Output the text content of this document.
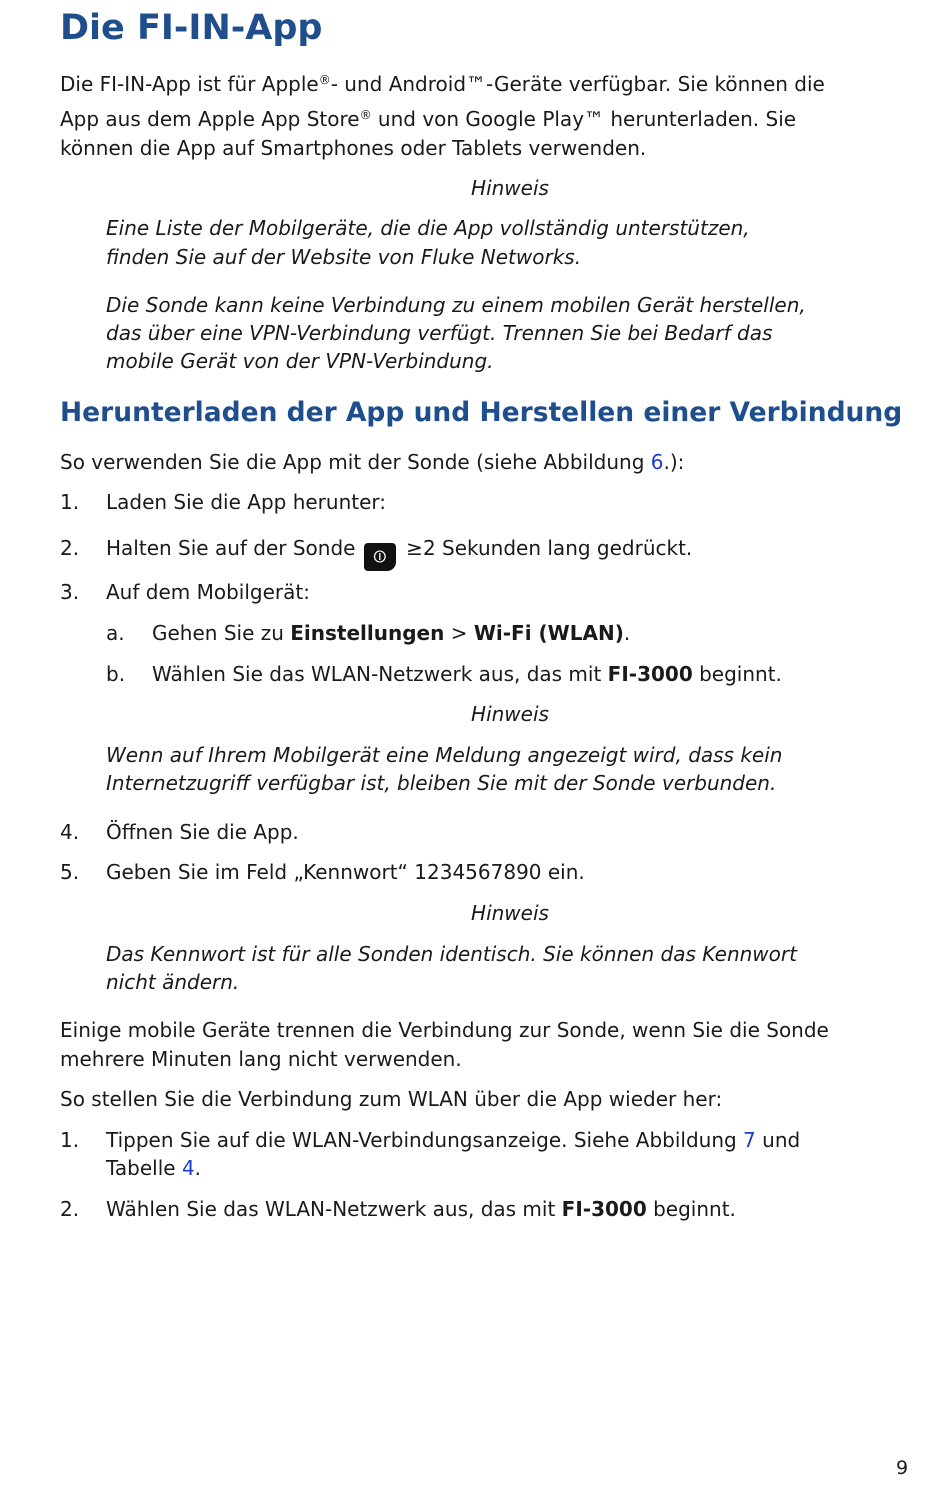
Die FI-IN-App
Die FI-IN-App ist für Apple®- und Android™-Geräte verfügbar. Sie können die
App aus dem Apple App Store® und von Google Play™ herunterladen. Sie
können die App auf Smartphones oder Tablets verwenden.
Hinweis
Eine Liste der Mobilgeräte, die die App vollständig unterstützen,
finden Sie auf der Website von Fluke Networks.
Die Sonde kann keine Verbindung zu einem mobilen Gerät herstellen,
das über eine VPN-Verbindung verfügt. Trennen Sie bei Bedarf das
mobile Gerät von der VPN-Verbindung.
Herunterladen der App und Herstellen einer Verbindung
So verwenden Sie die App mit der Sonde (siehe Abbildung 6.):
1. Laden Sie die App herunter:
2. Halten Sie auf der Sonde ⏼ ≥2 Sekunden lang gedrückt.
3. Auf dem Mobilgerät:
a. Gehen Sie zu Einstellungen > Wi-Fi (WLAN).
b. Wählen Sie das WLAN-Netzwerk aus, das mit FI-3000 beginnt.
Hinweis
Wenn auf Ihrem Mobilgerät eine Meldung angezeigt wird, dass kein
Internetzugriff verfügbar ist, bleiben Sie mit der Sonde verbunden.
4. Öffnen Sie die App.
5. Geben Sie im Feld „Kennwort“ 1234567890 ein.
Hinweis
Das Kennwort ist für alle Sonden identisch. Sie können das Kennwort
nicht ändern.
Einige mobile Geräte trennen die Verbindung zur Sonde, wenn Sie die Sonde
mehrere Minuten lang nicht verwenden.
So stellen Sie die Verbindung zum WLAN über die App wieder her:
1. Tippen Sie auf die WLAN-Verbindungsanzeige. Siehe Abbildung 7 und
Tabelle 4.
2. Wählen Sie das WLAN-Netzwerk aus, das mit FI-3000 beginnt.
9
